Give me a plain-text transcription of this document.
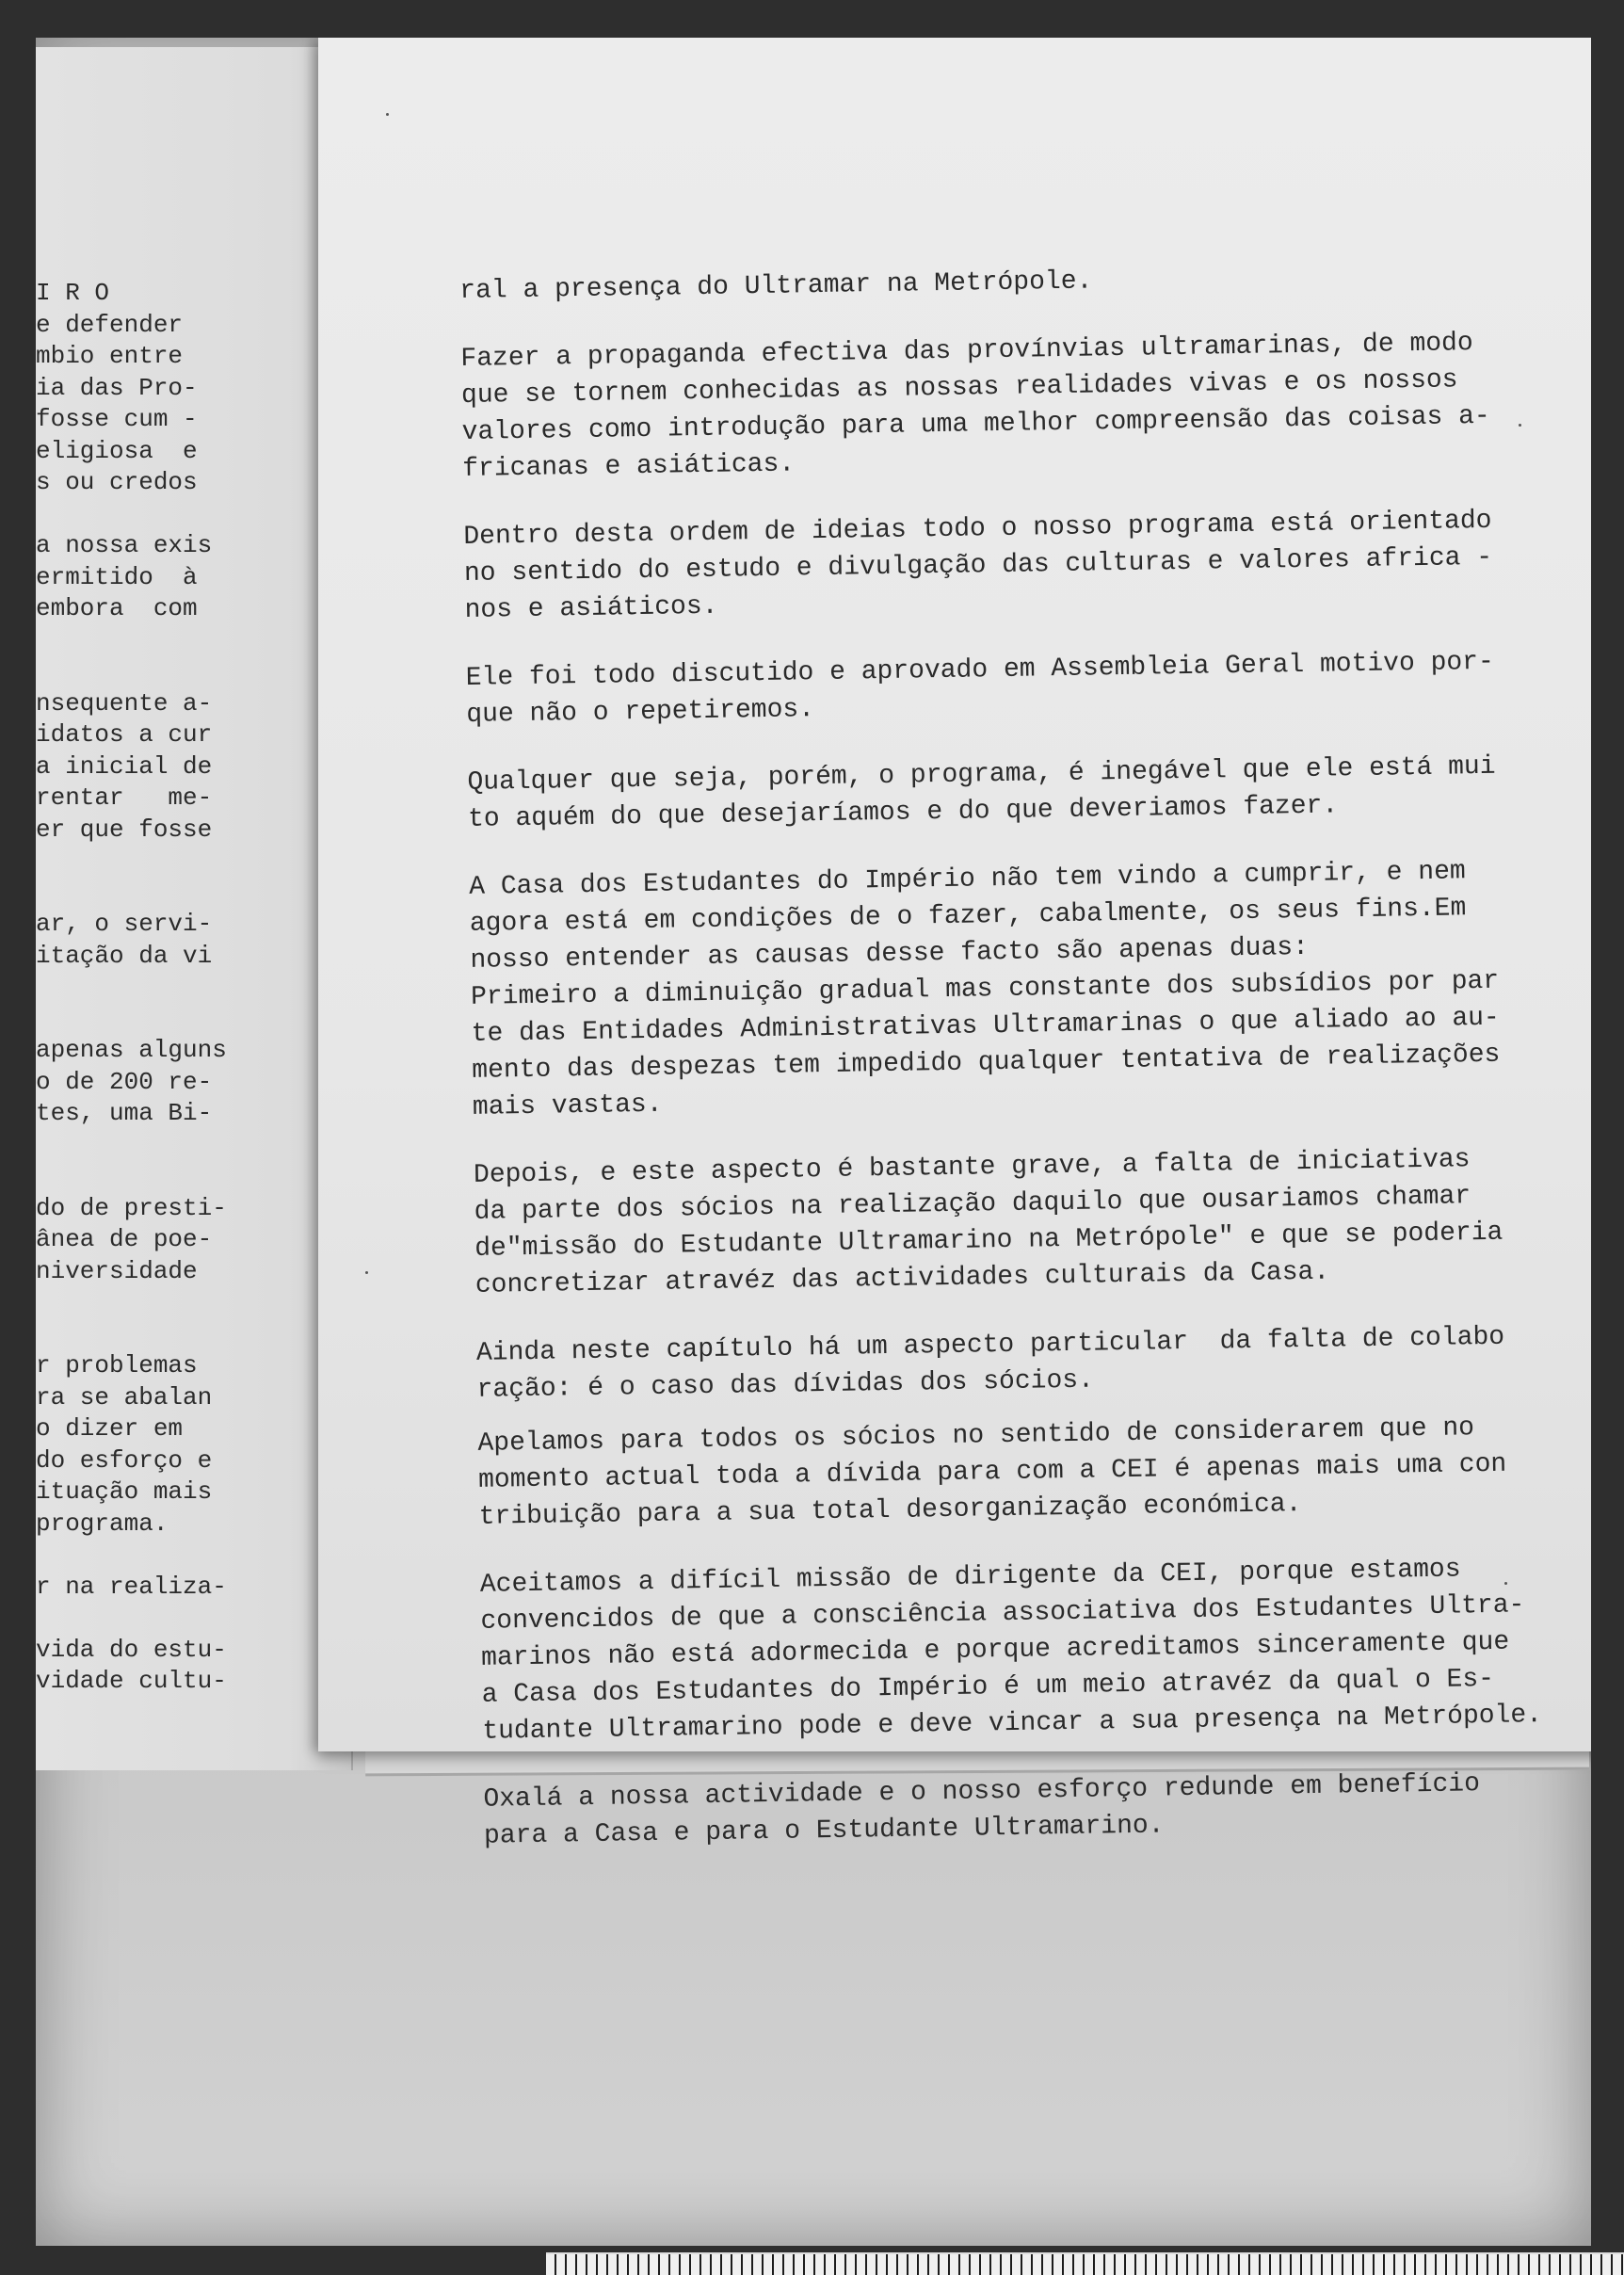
I R O
e defender
mbio entre
ia das Pro-
fosse cum -
eligiosa  e
s ou credos
a nossa exis
ermitido  à
embora  com
nsequente a-
idatos a cur
a inicial de
rentar   me-
er que fosse
ar, o servi-
itação da vi
apenas alguns
o de 200 re-
tes, uma Bi-
do de presti-
ânea de poe-
niversidade
r problemas
ra se abalan
o dizer em
do esforço e
ituação mais
programa.
r na realiza-
vida do estu-
vidade cultu-
ral a presença do Ultramar na Metrópole.
Fazer a propaganda efectiva das provínvias ultramarinas, de modo
que se tornem conhecidas as nossas realidades vivas e os nossos
valores como introdução para uma melhor compreensão das coisas a-
fricanas e asiáticas.
Dentro desta ordem de ideias todo o nosso programa está orientado
no sentido do estudo e divulgação das culturas e valores africa -
nos e asiáticos.
Ele foi todo discutido e aprovado em Assembleia Geral motivo por-
que não o repetiremos.
Qualquer que seja, porém, o programa, é inegável que ele está mui
to aquém do que desejaríamos e do que deveriamos fazer.
A Casa dos Estudantes do Império não tem vindo a cumprir, e nem
agora está em condições de o fazer, cabalmente, os seus fins.Em
nosso entender as causas desse facto são apenas duas:
Primeiro a diminuição gradual mas constante dos subsídios por par
te das Entidades Administrativas Ultramarinas o que aliado ao au-
mento das despezas tem impedido qualquer tentativa de realizações
mais vastas.
Depois, e este aspecto é bastante grave, a falta de iniciativas
da parte dos sócios na realização daquilo que ousariamos chamar
de"missão do Estudante Ultramarino na Metrópole" e que se poderia
concretizar atravéz das actividades culturais da Casa.
Ainda neste capítulo há um aspecto particular  da falta de colabo
ração: é o caso das dívidas dos sócios.
Apelamos para todos os sócios no sentido de considerarem que no
momento actual toda a dívida para com a CEI é apenas mais uma con
tribuição para a sua total desorganização económica.
Aceitamos a difícil missão de dirigente da CEI, porque estamos
convencidos de que a consciência associativa dos Estudantes Ultra-
marinos não está adormecida e porque acreditamos sinceramente que
a Casa dos Estudantes do Império é um meio atravéz da qual o Es-
tudante Ultramarino pode e deve vincar a sua presença na Metrópole.
Oxalá a nossa actividade e o nosso esforço redunde em benefício
para a Casa e para o Estudante Ultramarino.
